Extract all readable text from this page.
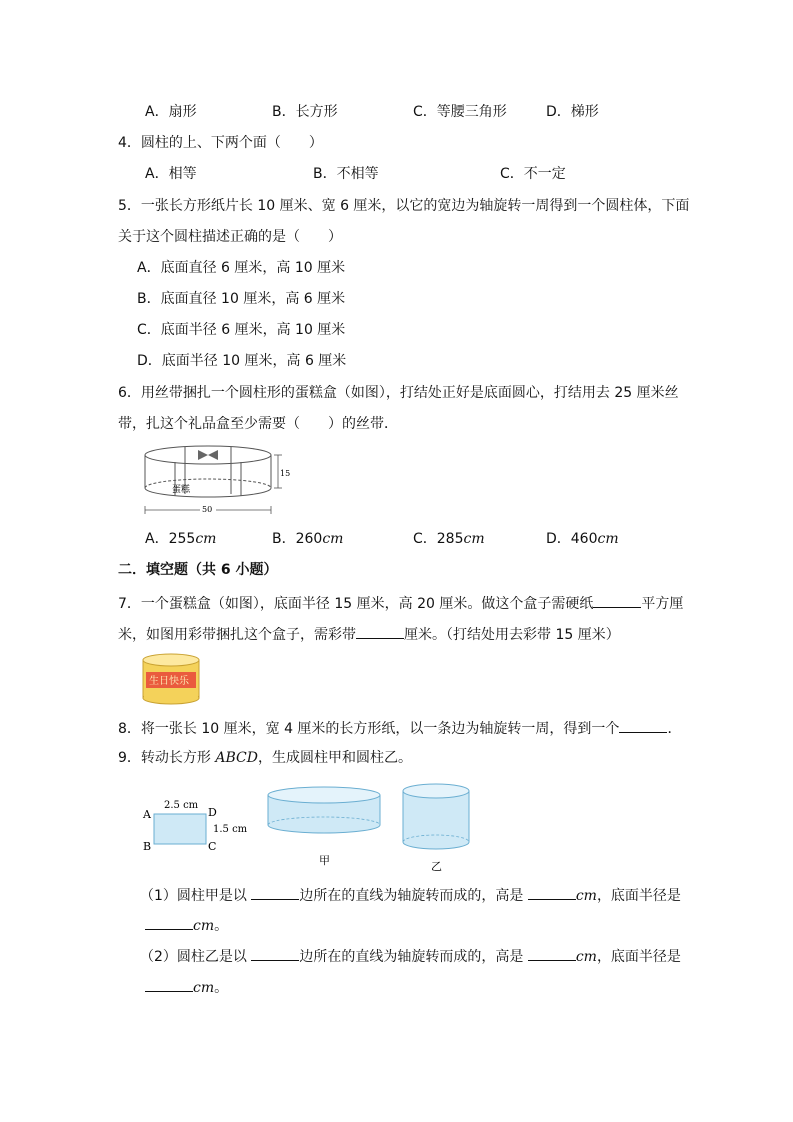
A．扇形	B．长方形	C．等腰三角形	D．梯形
4．圆柱的上、下两个面（　　）
A．相等	B．不相等	C．不一定
5．一张长方形纸片长 10 厘米、宽 6 厘米，以它的宽边为轴旋转一周得到一个圆柱体，下面
关于这个圆柱描述正确的是（　　）
A．底面直径 6 厘米，高 10 厘米
B．底面直径 10 厘米，高 6 厘米
C．底面半径 6 厘米，高 10 厘米
D．底面半径 10 厘米，高 6 厘米
6．用丝带捆扎一个圆柱形的蛋糕盒（如图），打结处正好是底面圆心，打结用去 25 厘米丝
带，扎这个礼品盒至少需要（　　）的丝带．
15
50
蛋糕
A．255cm	B．260cm	C．285cm	D．460cm
二．填空题（共 6 小题）
7．一个蛋糕盒（如图），底面半径 15 厘米，高 20 厘米。做这个盒子需硬纸	平方厘
米，如图用彩带捆扎这个盒子，需彩带	厘米。（打结处用去彩带 15 厘米）
生日快乐
8．将一张长 10 厘米，宽 4 厘米的长方形纸，以一条边为轴旋转一周，得到一个	．
9．转动长方形 ABCD，生成圆柱甲和圆柱乙。
A
B	C
D
2.5 cm
1.5 cm
甲	乙
（1）圆柱甲是以	边所在的直线为轴旋转而成的，高是	cm，底面半径是
cm。
（2）圆柱乙是以	边所在的直线为轴旋转而成的，高是	cm，底面半径是
cm。
